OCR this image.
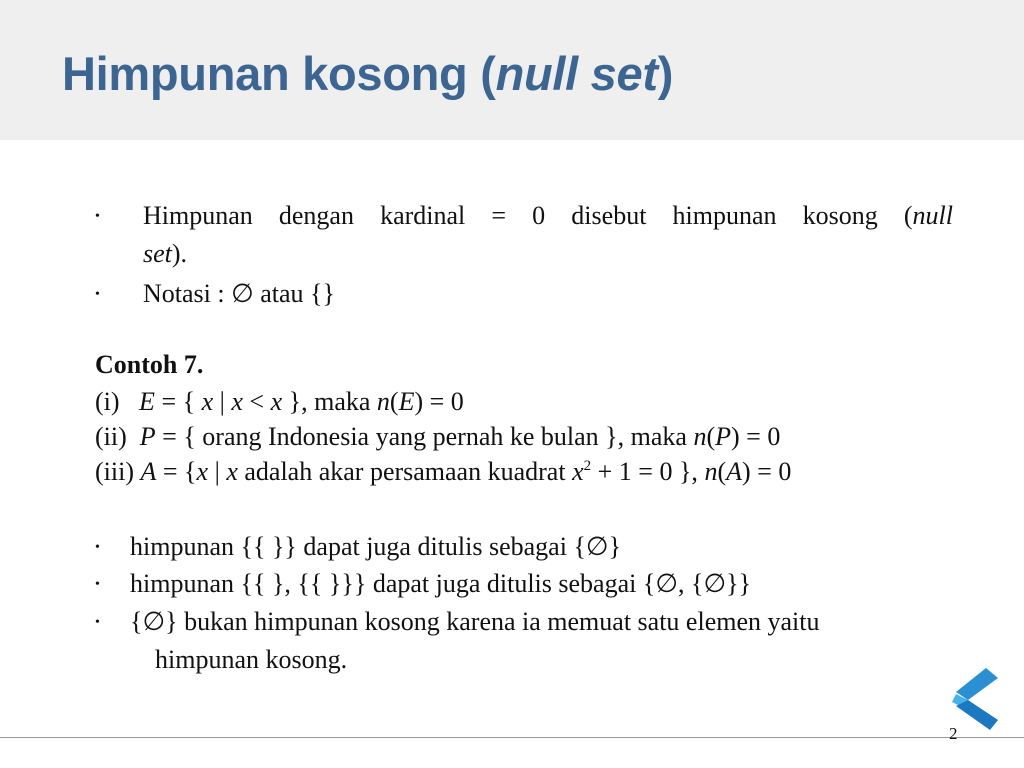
Himpunan kosong (null set)
• Himpunan dengan kardinal = 0 disebut himpunan kosong (null
set).
• Notasi : ∅ atau {}
Contoh 7.
(i)   E = { x | x < x }, maka n(E) = 0
(ii)  P = { orang Indonesia yang pernah ke bulan }, maka n(P) = 0
(iii) A = {x | x adalah akar persamaan kuadrat $x^2 + 1 = 0$ }, n(A) = 0
• himpunan {{ }} dapat juga ditulis sebagai {∅}
• himpunan {{ }, {{ }}} dapat juga ditulis sebagai {∅, {∅}}
• {∅} bukan himpunan kosong karena ia memuat satu elemen yaitu
himpunan kosong.
2
